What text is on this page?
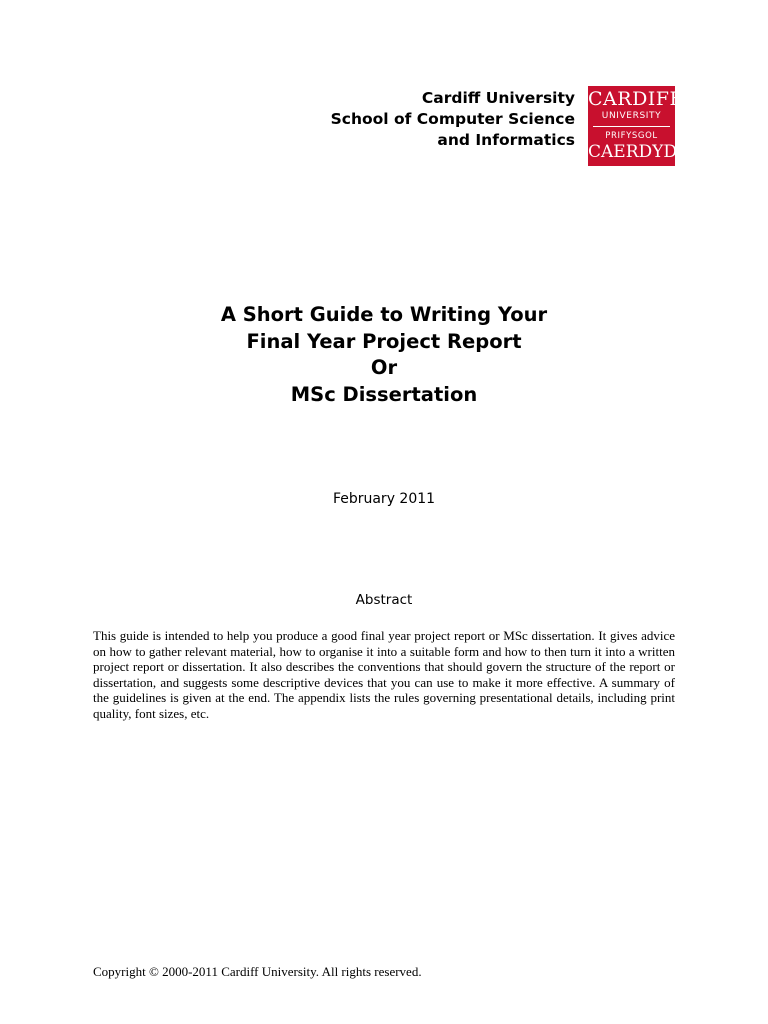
Cardiff University
School of Computer Science
and Informatics
CARDIFF
UNIVERSITY
PRIFYSGOL
CAERDYDD
A Short Guide to Writing Your
Final Year Project Report
Or
MSc Dissertation
February 2011
Abstract
This guide is intended to help you produce a good final year project report or MSc dissertation. It gives advice on how to gather relevant material, how to organise it into a suitable form and how to then turn it into a written project report or dissertation. It also describes the conventions that should govern the structure of the report or dissertation, and suggests some descriptive devices that you can use to make it more effective. A summary of the guidelines is given at the end. The appendix lists the rules governing presentational details, including print quality, font sizes, etc.
Copyright © 2000-2011 Cardiff University. All rights reserved.
